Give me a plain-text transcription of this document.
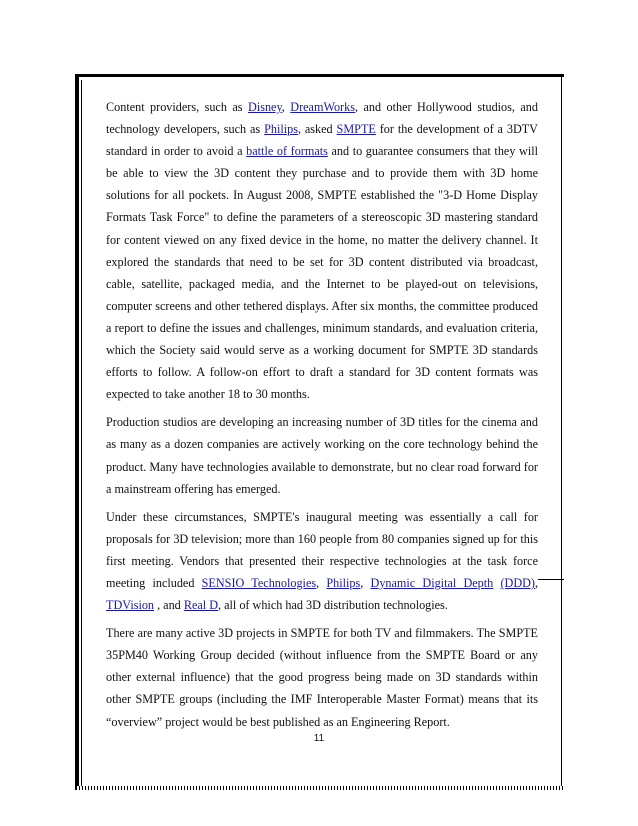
Content providers, such as Disney, DreamWorks, and other Hollywood studios, and technology developers, such as Philips, asked SMPTE for the development of a 3DTV standard in order to avoid a battle of formats and to guarantee consumers that they will be able to view the 3D content they purchase and to provide them with 3D home solutions for all pockets. In August 2008, SMPTE established the "3-D Home Display Formats Task Force" to define the parameters of a stereoscopic 3D mastering standard for content viewed on any fixed device in the home, no matter the delivery channel. It explored the standards that need to be set for 3D content distributed via broadcast, cable, satellite, packaged media, and the Internet to be played-out on televisions, computer screens and other tethered displays. After six months, the committee produced a report to define the issues and challenges, minimum standards, and evaluation criteria, which the Society said would serve as a working document for SMPTE 3D standards efforts to follow. A follow-on effort to draft a standard for 3D content formats was expected to take another 18 to 30 months.

Production studios are developing an increasing number of 3D titles for the cinema and as many as a dozen companies are actively working on the core technology behind the product. Many have technologies available to demonstrate, but no clear road forward for a mainstream offering has emerged.

Under these circumstances, SMPTE's inaugural meeting was essentially a call for proposals for 3D television; more than 160 people from 80 companies signed up for this first meeting. Vendors that presented their respective technologies at the task force meeting included SENSIO Technologies, Philips, Dynamic Digital Depth (DDD), TDVision , and Real D, all of which had 3D distribution technologies.

There are many active 3D projects in SMPTE for both TV and filmmakers. The SMPTE 35PM40 Working Group decided (without influence from the SMPTE Board or any other external influence) that the good progress being made on 3D standards within other SMPTE groups (including the IMF Interoperable Master Format) means that its “overview” project would be best published as an Engineering Report.

11
